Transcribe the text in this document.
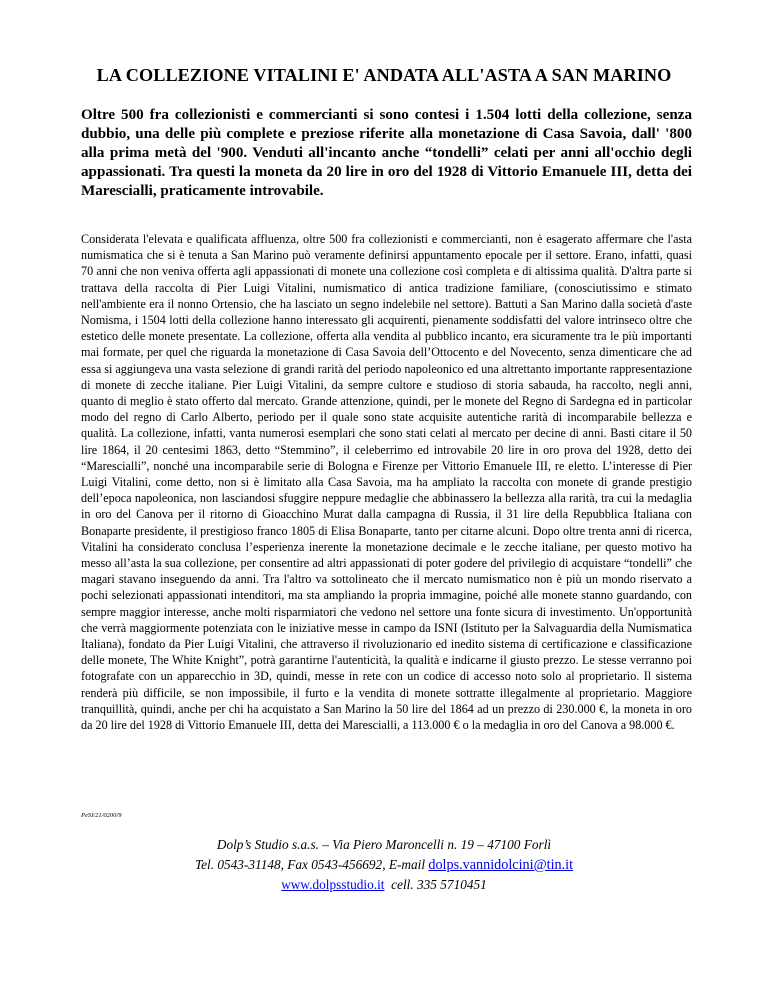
LA COLLEZIONE VITALINI E' ANDATA ALL'ASTA A SAN MARINO
Oltre 500 fra collezionisti e commercianti si sono contesi i 1.504 lotti della collezione, senza dubbio, una delle più complete e preziose riferite alla monetazione di Casa Savoia, dall' '800 alla prima metà del '900. Venduti all'incanto anche “tondelli” celati per anni all'occhio degli appassionati. Tra questi la moneta da 20 lire in oro del 1928 di Vittorio Emanuele III, detta dei Marescialli, praticamente introvabile.
Considerata l'elevata e qualificata affluenza, oltre 500 fra collezionisti e commercianti, non è esagerato affermare che l'asta numismatica che si è tenuta a San Marino può veramente definirsi appuntamento epocale per il settore. Erano, infatti, quasi 70 anni che non veniva offerta agli appassionati di monete una collezione così completa e di altissima qualità. D'altra parte si trattava della raccolta di Pier Luigi Vitalini, numismatico di antica tradizione familiare, (conosciutissimo e stimato nell'ambiente era il nonno Ortensio, che ha lasciato un segno indelebile nel settore). Battuti a San Marino dalla società d'aste Nomisma, i 1504 lotti della collezione hanno interessato gli acquirenti, pienamente soddisfatti del valore intrinseco oltre che estetico delle monete presentate. La collezione, offerta alla vendita al pubblico incanto, era sicuramente tra le più importanti mai formate, per quel che riguarda la monetazione di Casa Savoia dell’Ottocento e del Novecento, senza dimenticare che ad essa si aggiungeva una vasta selezione di grandi rarità del periodo napoleonico ed una altrettanto importante rappresentazione di monete di zecche italiane. Pier Luigi Vitalini, da sempre cultore e studioso di storia sabauda, ha raccolto, negli anni, quanto di meglio è stato offerto dal mercato. Grande attenzione, quindi, per le monete del Regno di Sardegna ed in particolar modo del regno di Carlo Alberto, periodo per il quale sono state acquisite autentiche rarità di incomparabile bellezza e qualità. La collezione, infatti, vanta numerosi esemplari che sono stati celati al mercato per decine di anni. Basti citare il 50 lire 1864, il 20 centesimi 1863, detto “Stemmino”, il celeberrimo ed introvabile 20 lire in oro prova del 1928, detto dei “Marescialli”, nonché una incomparabile serie di Bologna e Firenze per Vittorio Emanuele III, re eletto. L’interesse di Pier Luigi Vitalini, come detto, non si è limitato alla Casa Savoia, ma ha ampliato la raccolta con monete di grande prestigio dell’epoca napoleonica, non lasciandosi sfuggire neppure medaglie che abbinassero la bellezza alla rarità, tra cui la medaglia in oro del Canova per il ritorno di Gioacchino Murat dalla campagna di Russia, il 31 lire della Repubblica Italiana con Bonaparte presidente, il prestigioso franco 1805 di Elisa Bonaparte, tanto per citarne alcuni. Dopo oltre trenta anni di ricerca, Vitalini ha considerato conclusa l’esperienza inerente la monetazione decimale e le zecche italiane, per questo motivo ha messo all’asta la sua collezione, per consentire ad altri appassionati di poter godere del privilegio di acquistare “tondelli” che magari stavano inseguendo da anni. Tra l'altro va sottolineato che il mercato numismatico non è più un mondo riservato a pochi selezionati appassionati intenditori, ma sta ampliando la propria immagine, poiché alle monete stanno guardando, con sempre maggior interesse, anche molti risparmiatori che vedono nel settore una fonte sicura di investimento. Un'opportunità che verrà maggiormente potenziata con le iniziative messe in campo da ISNI (Istituto per la Salvaguardia della Numismatica Italiana), fondato da Pier Luigi Vitalini, che attraverso il rivoluzionario ed inedito sistema di certificazione e classificazione delle monete, The White Knight”, potrà garantirne l'autenticità, la qualità e indicarne il giusto prezzo. Le stesse verranno poi fotografate con un apparecchio in 3D, quindi, messe in rete con un codice di accesso noto solo al proprietario. Il sistema renderà più difficile, se non impossibile, il furto e la vendita di monete sottratte illegalmente al proprietario. Maggiore tranquillità, quindi, anche per chi ha acquistato a San Marino la 50 lire del 1864 ad un prezzo di 230.000 €, la moneta in oro da 20 lire del 1928 di Vittorio Emanuele III, detta dei Marescialli, a 113.000 € o la medaglia in oro del Canova a 98.000 €.
PeSI/21/0200/9
Dolp’s Studio s.a.s. – Via Piero Maroncelli n. 19 – 47100 Forlì
Tel. 0543-31148, Fax 0543-456692, E-mail dolps.vannidolcini@tin.it
www.dolpsstudio.it cell. 335 5710451
